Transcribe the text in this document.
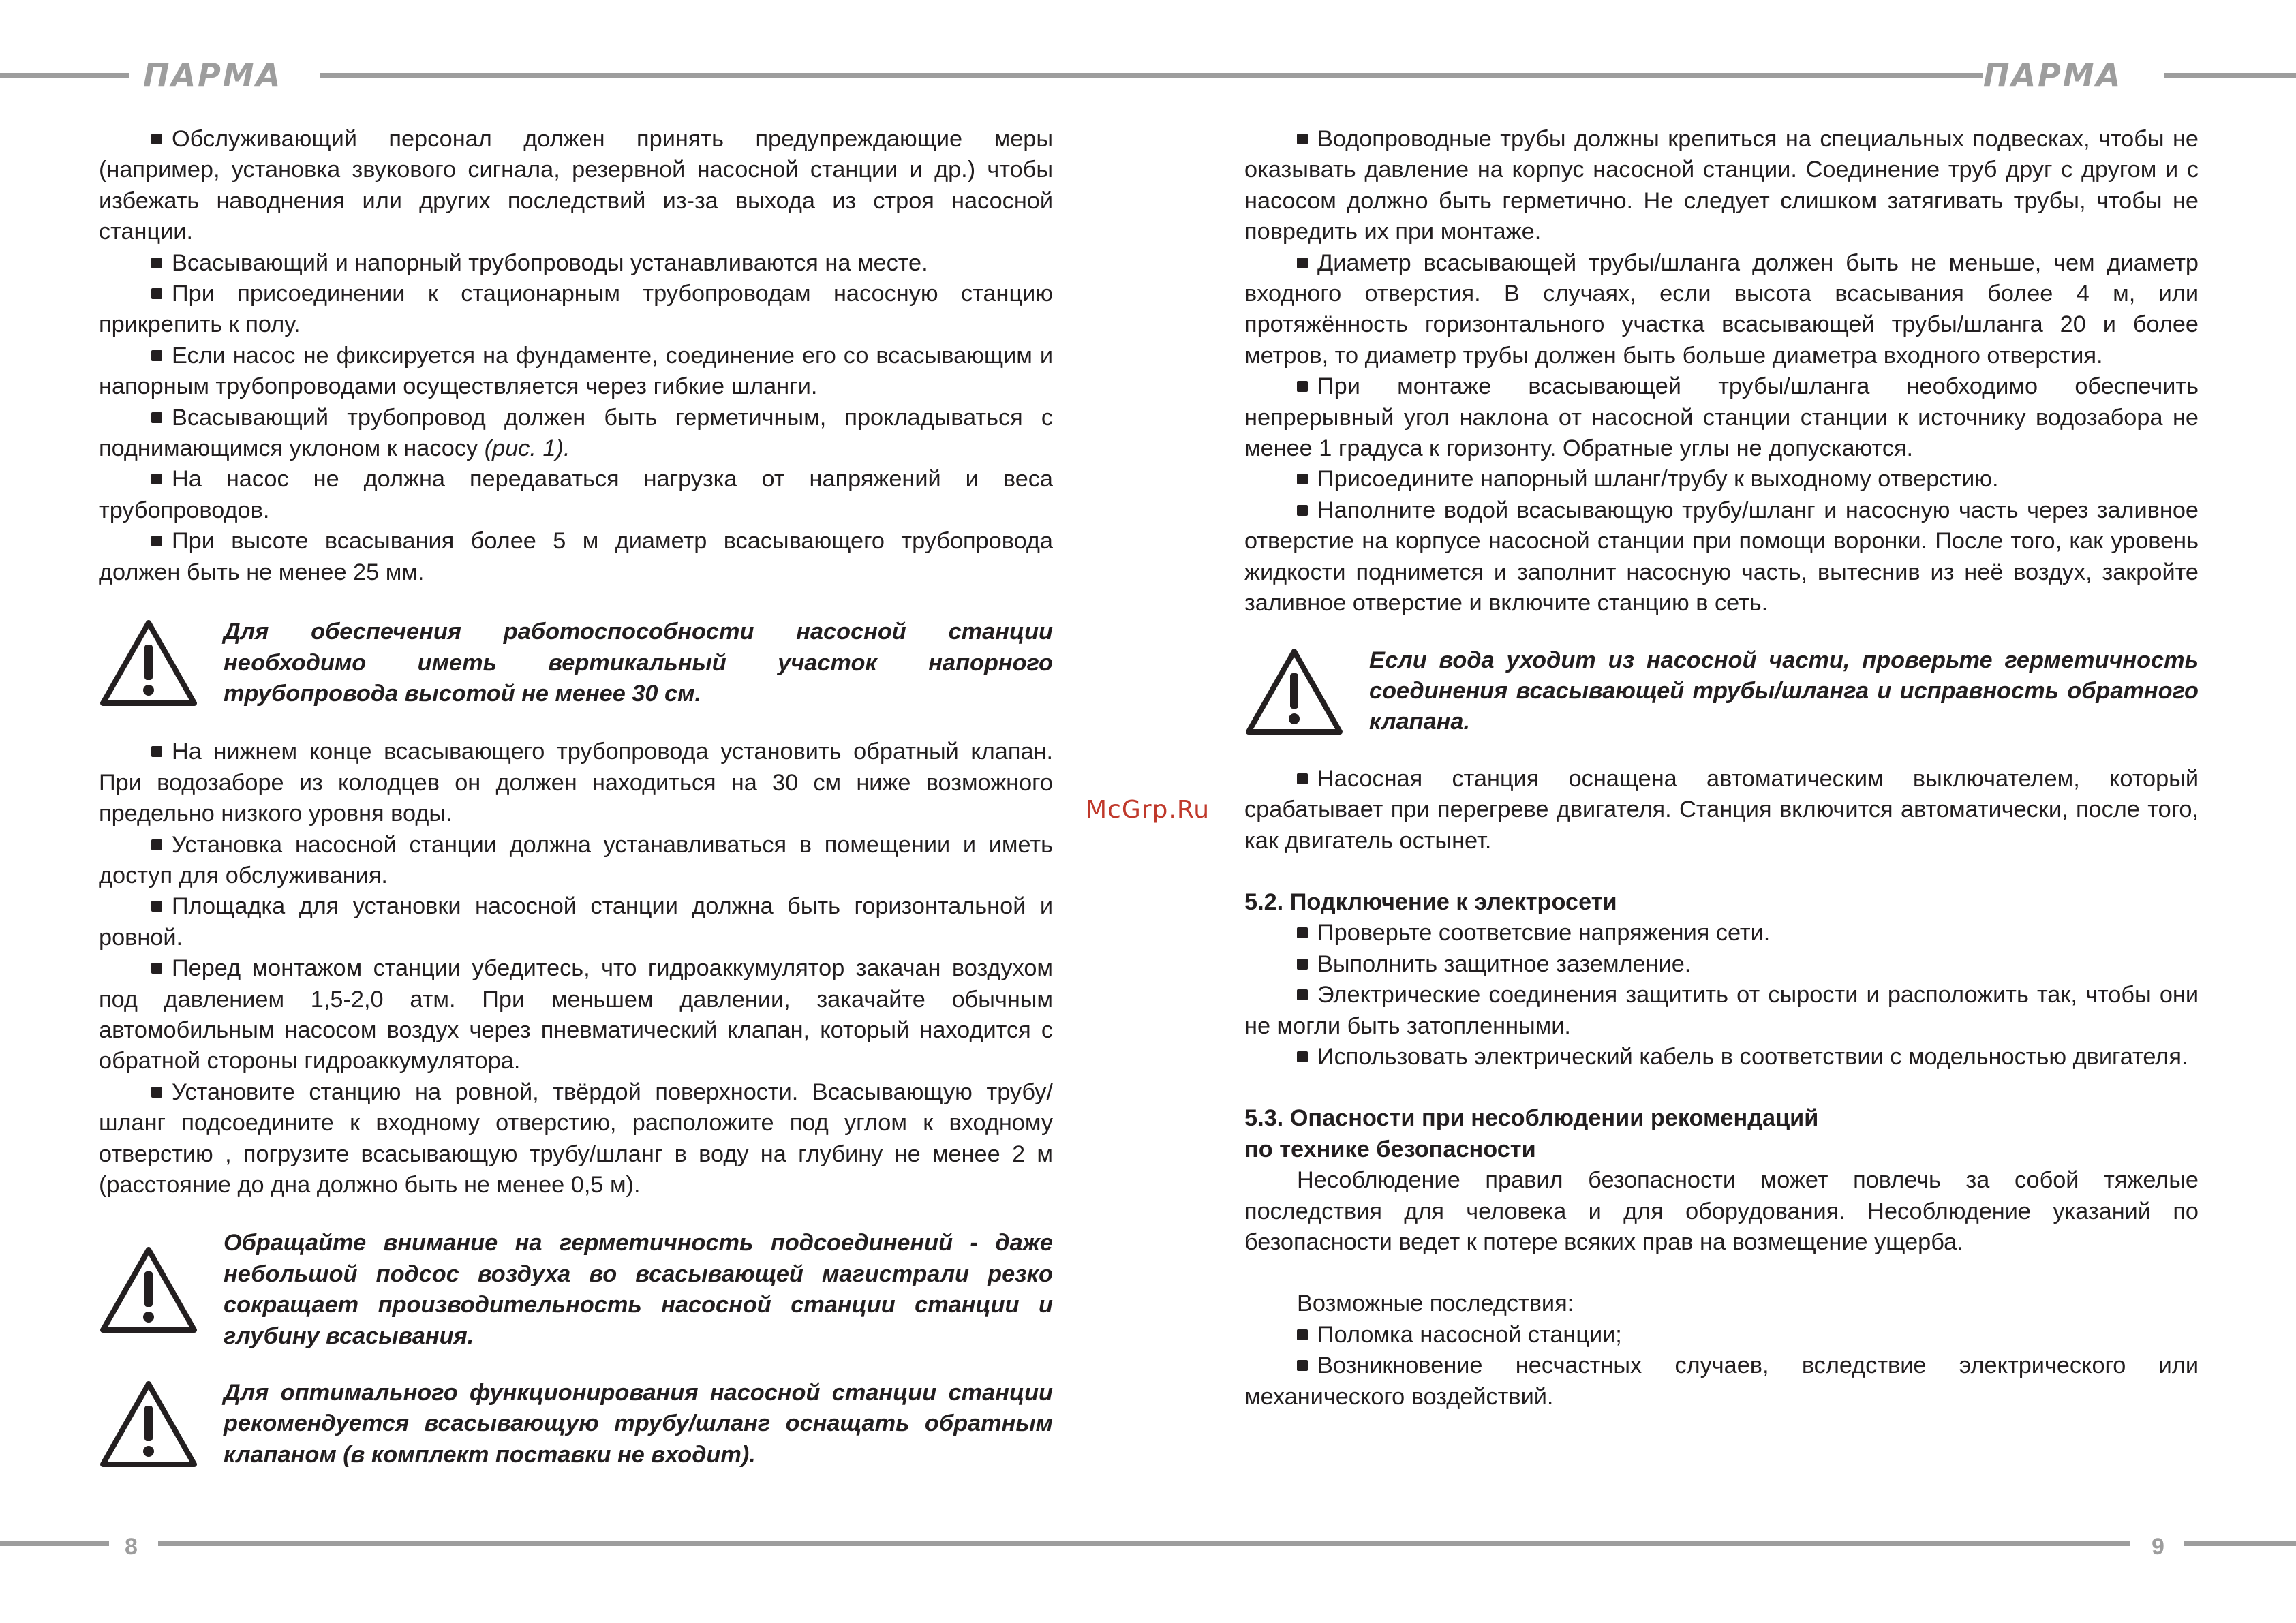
ПАРМА	ПАРМА
8	9
McGrp.Ru

Обслуживающий персонал должен принять предупреждающие меры (например, установка звукового сигнала, резервной насосной станции и др.) чтобы избежать наводнения или других последствий из-за выхода из строя насосной станции.

Всасывающий и напорный трубопроводы устанавливаются на месте.

При присоединении к стационарным трубопроводам насосную станцию прикрепить к полу.

Если насос не фиксируется на фундаменте, соединение его со всасывающим и напорным трубопроводами осуществляется через гибкие шланги.

Всасывающий трубопровод должен быть герметичным, прокладываться с поднимающимся уклоном к насосу (рис. 1).

На насос не должна передаваться нагрузка от напряжений и веса трубопроводов.

При высоте всасывания более 5 м диаметр всасывающего трубопровода должен быть не менее 25 мм.

Для обеспечения работоспособности насосной станции необходимо иметь вертикальный участок напорного трубопровода высотой не менее 30 см.

На нижнем конце всасывающего трубопровода установить обратный клапан. При водозаборе из колодцев он должен находиться на 30 см ниже возможного предельно низкого уровня воды.

Установка насосной станции должна устанавливаться в помещении и иметь доступ для обслуживания.

Площадка для установки насосной станции должна быть горизонтальной и ровной.

Перед монтажом станции убедитесь, что гидроаккумулятор закачан воздухом под давлением 1,5-2,0 атм. При меньшем давлении, закачайте обычным автомобильным насосом воздух через пневматический клапан, который находится с обратной стороны гидроаккумулятора.

Установите станцию на ровной, твёрдой поверхности. Всасывающую трубу/шланг подсоедините к входному отверстию, расположите под углом к входному отверстию , погрузите всасывающую трубу/шланг в воду на глубину не менее 2 м (расстояние до дна должно быть не менее 0,5 м).

Обращайте внимание на герметичность подсоединений - даже небольшой подсос воздуха во всасывающей магистрали резко сокращает производительность насосной станции станции и глубину всасывания.

Для оптимального функционирования насосной станции станции рекомендуется всасывающую трубу/шланг оснащать обратным клапаном (в комплект поставки не входит).

Водопроводные трубы должны крепиться на специальных подвесках, чтобы не оказывать давление на корпус насосной станции. Соединение труб друг с другом и с насосом должно быть герметично. Не следует слишком затягивать трубы, чтобы не повредить их при монтаже.

Диаметр всасывающей трубы/шланга должен быть не меньше, чем диаметр входного отверстия. В случаях, если высота всасывания более 4 м, или протяжённость горизонтального участка всасывающей трубы/шланга 20 и более метров, то диаметр трубы должен быть больше диаметра входного отверстия.

При монтаже всасывающей трубы/шланга необходимо обеспечить непрерывный угол наклона от насосной станции станции к источнику водозабора не менее 1 градуса к горизонту. Обратные углы не допускаются.

Присоедините напорный шланг/трубу к выходному отверстию.

Наполните водой всасывающую трубу/шланг и насосную часть через заливное отверстие на корпусе насосной станции при помощи воронки. После того, как уровень жидкости поднимется и заполнит насосную часть, вытеснив из неё воздух, закройте заливное отверстие и включите станцию в сеть.

Если вода уходит из насосной части, проверьте герметичность соединения всасывающей трубы/шланга и исправность обратного клапана.

Насосная станция оснащена автоматическим выключателем, который срабатывает при перегреве двигателя. Станция включится автоматически, после того, как двигатель остынет.

5.2. Подключение к электросети

Проверьте соответсвие напряжения сети.

Выполнить защитное заземление.

Электрические соединения защитить от сырости и расположить так, чтобы они не могли быть затопленными.

Использовать электрический кабель в соответствии с модельностью двигателя.

5.3. Опасности при несоблюдении рекомендаций
по технике безопасности

Несоблюдение правил безопасности может повлечь за собой тяжелые последствия для человека и для оборудования. Несоблюдение указаний по безопасности ведет к потере всяких прав на возмещение ущерба.

Возможные последствия:

Поломка насосной станции;

Возникновение несчастных случаев, вследствие электрического или механического воздействий.
